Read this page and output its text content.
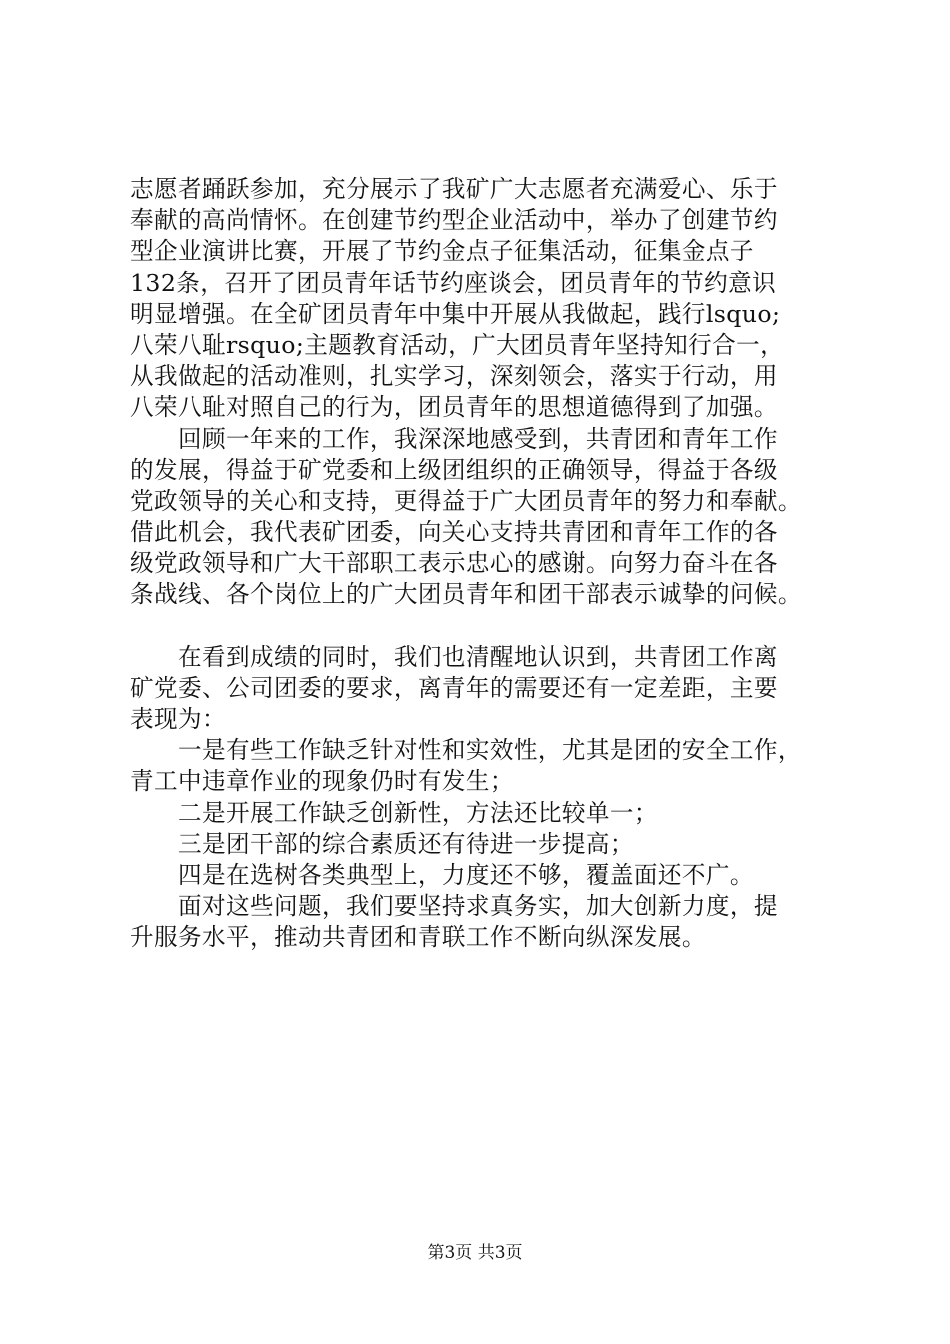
志愿者踊跃参加，充分展示了我矿广大志愿者充满爱心、乐于
奉献的高尚情怀。在创建节约型企业活动中，举办了创建节约
型企业演讲比赛，开展了节约金点子征集活动，征集金点子
132条，召开了团员青年话节约座谈会，团员青年的节约意识
明显增强。在全矿团员青年中集中开展从我做起，践行lsquo;
八荣八耻rsquo;主题教育活动，广大团员青年坚持知行合一，
从我做起的活动准则，扎实学习，深刻领会，落实于行动，用
八荣八耻对照自己的行为，团员青年的思想道德得到了加强。
　　回顾一年来的工作，我深深地感受到，共青团和青年工作
的发展，得益于矿党委和上级团组织的正确领导，得益于各级
党政领导的关心和支持，更得益于广大团员青年的努力和奉献。
借此机会，我代表矿团委，向关心支持共青团和青年工作的各
级党政领导和广大干部职工表示忠心的感谢。向努力奋斗在各
条战线、各个岗位上的广大团员青年和团干部表示诚挚的问候。
　　在看到成绩的同时，我们也清醒地认识到，共青团工作离
矿党委、公司团委的要求，离青年的需要还有一定差距，主要
表现为：
　　一是有些工作缺乏针对性和实效性，尤其是团的安全工作，
青工中违章作业的现象仍时有发生；
　　二是开展工作缺乏创新性，方法还比较单一；
　　三是团干部的综合素质还有待进一步提高；
　　四是在选树各类典型上，力度还不够，覆盖面还不广。
　　面对这些问题，我们要坚持求真务实，加大创新力度，提
升服务水平，推动共青团和青联工作不断向纵深发展。
第3页 共3页
